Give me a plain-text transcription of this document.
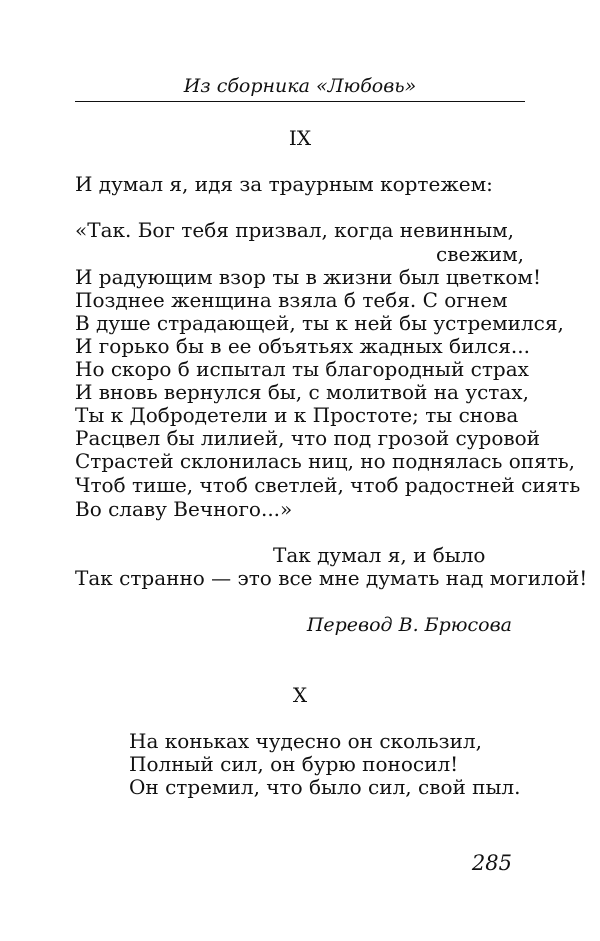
Из сборника «Любовь»
IX
И думал я, идя за траурным кортежем:
«Так. Бог тебя призвал, когда невинным,
свежим,
И радующим взор ты в жизни был цветком!
Позднее женщина взяла б тебя. С огнем
В душе страдающей, ты к ней бы устремился,
И горько бы в ее объятьях жадных бился...
Но скоро б испытал ты благородный страх
И вновь вернулся бы, с молитвой на устах,
Ты к Добродетели и к Простоте; ты снова
Расцвел бы лилией, что под грозой суровой
Страстей склонилась ниц, но поднялась опять,
Чтоб тише, чтоб светлей, чтоб радостней сиять
Во славу Вечного...»
Так думал я, и было
Так странно — это все мне думать над могилой!
Перевод В. Брюсова
X
На коньках чудесно он скользил,
Полный сил, он бурю поносил!
Он стремил, что было сил, свой пыл.
285
